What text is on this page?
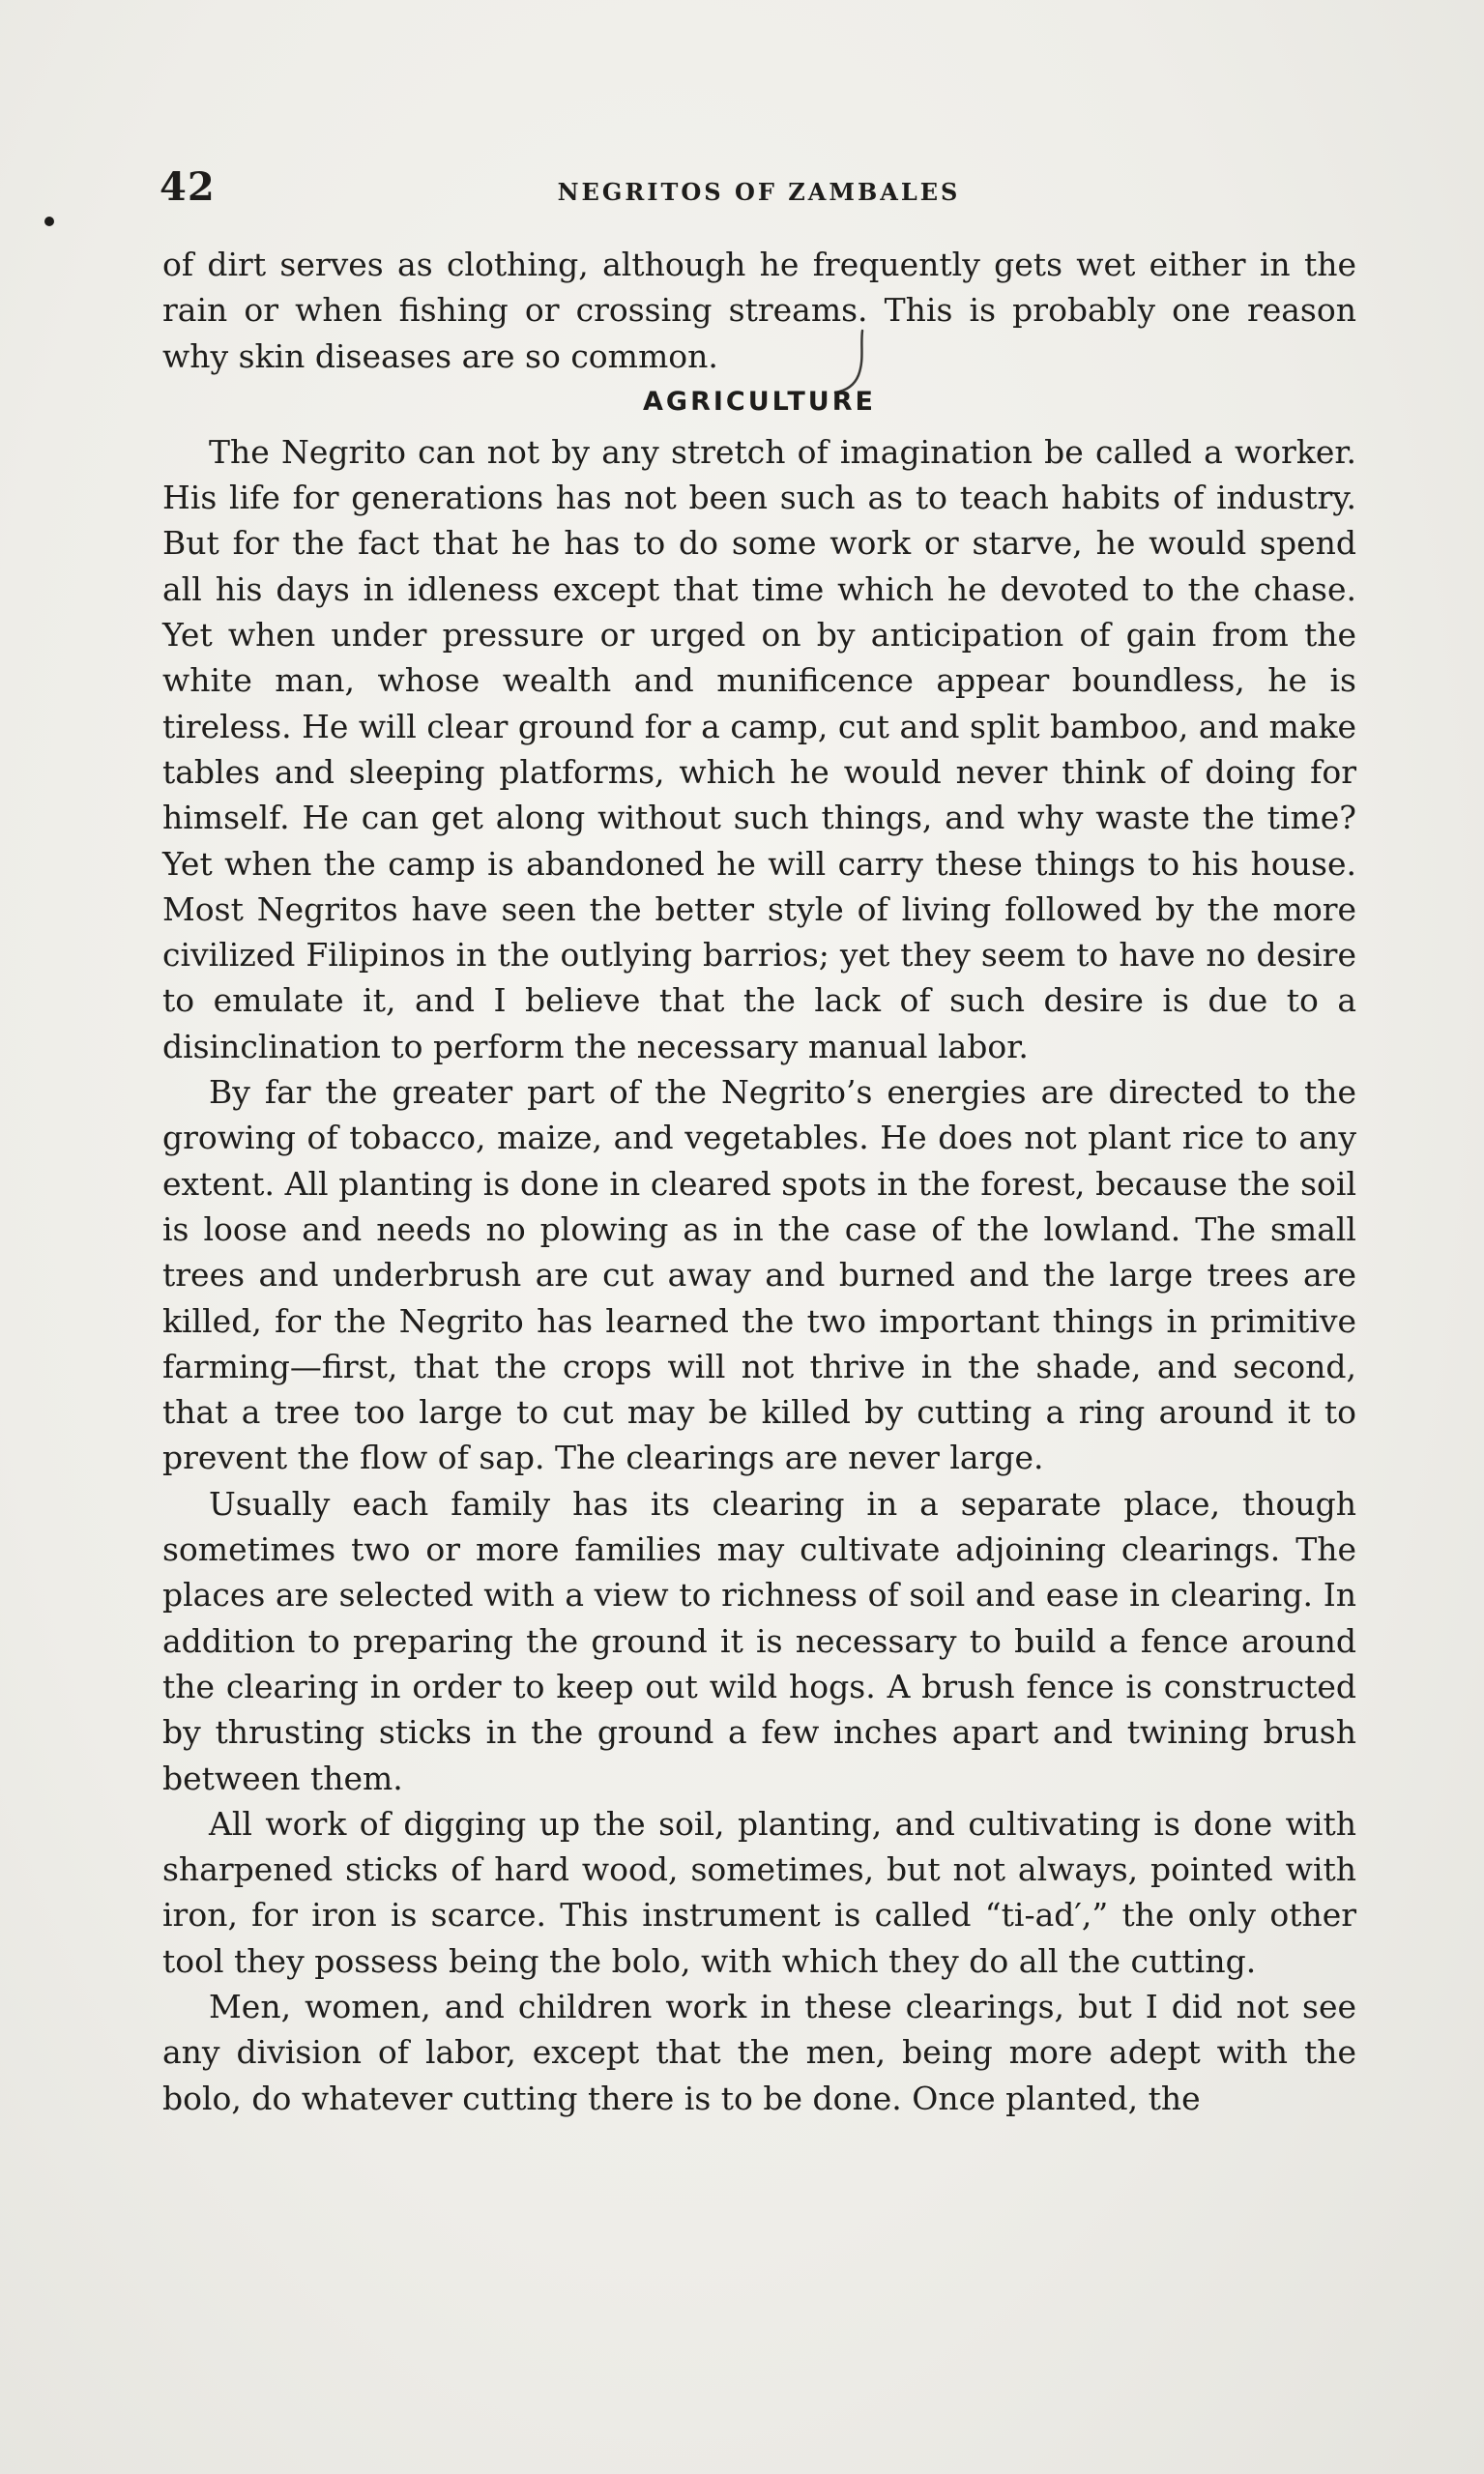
42	NEGRITOS OF ZAMBALES

of dirt serves as clothing, although he frequently gets wet either in the rain or when fishing or crossing streams. This is probably one reason why skin diseases are so common.

AGRICULTURE

The Negrito can not by any stretch of imagination be called a worker. His life for generations has not been such as to teach habits of industry. But for the fact that he has to do some work or starve, he would spend all his days in idleness except that time which he devoted to the chase. Yet when under pressure or urged on by anticipation of gain from the white man, whose wealth and munificence appear boundless, he is tireless. He will clear ground for a camp, cut and split bamboo, and make tables and sleeping platforms, which he would never think of doing for himself. He can get along without such things, and why waste the time? Yet when the camp is abandoned he will carry these things to his house. Most Negritos have seen the better style of living followed by the more civilized Filipinos in the outlying barrios; yet they seem to have no desire to emulate it, and I believe that the lack of such desire is due to a disinclination to perform the necessary manual labor.

By far the greater part of the Negrito’s energies are directed to the growing of tobacco, maize, and vegetables. He does not plant rice to any extent. All planting is done in cleared spots in the forest, because the soil is loose and needs no plowing as in the case of the lowland. The small trees and underbrush are cut away and burned and the large trees are killed, for the Negrito has learned the two important things in primitive farming—first, that the crops will not thrive in the shade, and second, that a tree too large to cut may be killed by cutting a ring around it to prevent the flow of sap. The clearings are never large.

Usually each family has its clearing in a separate place, though sometimes two or more families may cultivate adjoining clearings. The places are selected with a view to richness of soil and ease in clearing. In addition to preparing the ground it is necessary to build a fence around the clearing in order to keep out wild hogs. A brush fence is constructed by thrusting sticks in the ground a few inches apart and twining brush between them.

All work of digging up the soil, planting, and cultivating is done with sharpened sticks of hard wood, sometimes, but not always, pointed with iron, for iron is scarce. This instrument is called “ti-ad′,” the only other tool they possess being the bolo, with which they do all the cutting.

Men, women, and children work in these clearings, but I did not see any division of labor, except that the men, being more adept with the bolo, do whatever cutting there is to be done. Once planted, the
